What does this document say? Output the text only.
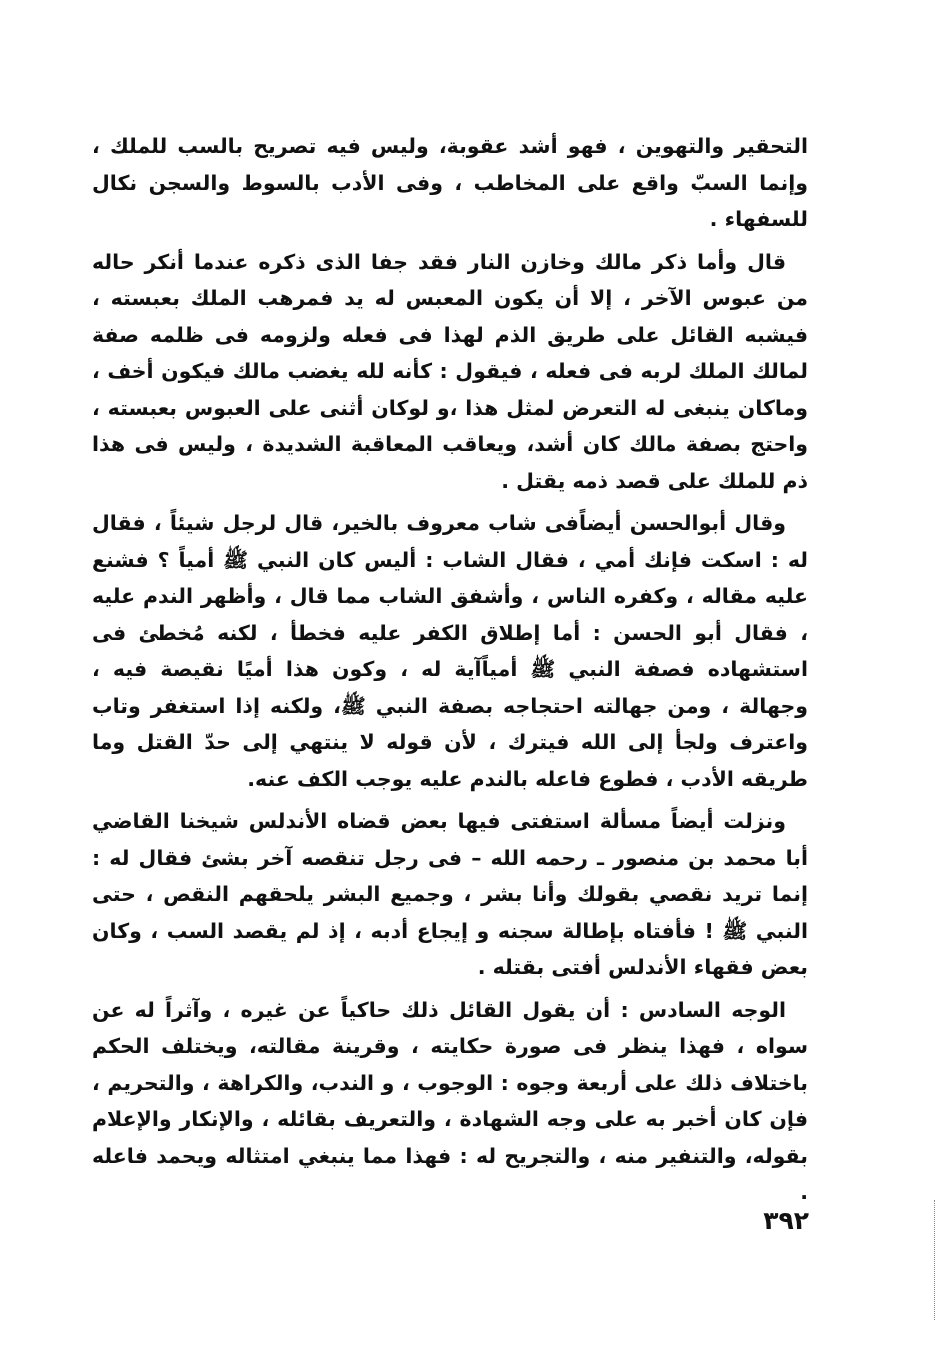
التحقير والتهوين ، فهو أشد عقوبة، وليس فيه تصريح بالسب للملك ، وإنما السبّ واقع على المخاطب ، وفى الأدب بالسوط والسجن نكال للسفهاء .

قال وأما ذكر مالك وخازن النار فقد جفا الذى ذكره عندما أنكر حاله من عبوس الآخر ، إلا أن يكون المعبس له يد فمرهب الملك بعبسته ، فيشبه القائل على طريق الذم لهذا فى فعله ولزومه فى ظلمه صفة لمالك الملك لربه فى فعله ، فيقول : كأنه لله يغضب مالك فيكون أخف ، وماكان ينبغى له التعرض لمثل هذا ،و لوكان أثنى على العبوس بعبسته ، واحتج بصفة مالك كان أشد، ويعاقب المعاقبة الشديدة ، وليس فى هذا ذم للملك على قصد ذمه يقتل .

وقال أبوالحسن أيضاًفى شاب معروف بالخير، قال لرجل شيئاً ، فقال له : اسكت فإنك أمي ، فقال الشاب : أليس كان النبي ﷺ أمياً ؟ فشنع عليه مقاله ، وكفره الناس ، وأشفق الشاب مما قال ، وأظهر الندم عليه ، فقال أبو الحسن : أما إطلاق الكفر عليه فخطأ ، لكنه مُخطئ فى استشهاده فصفة النبي ﷺ أمياًآية له ، وكون هذا أميًا نقيصة فيه ، وجهالة ، ومن جهالته احتجاجه بصفة النبي ﷺ، ولكنه إذا استغفر وتاب واعترف ولجأ إلى الله فيترك ، لأن قوله لا ينتهي إلى حدّ القتل وما طريقه الأدب ، فطوع فاعله بالندم عليه يوجب الكف عنه.

ونزلت أيضاً مسألة استفتى فيها بعض قضاه الأندلس شيخنا القاضي أبا محمد بن منصور ـ رحمه الله – فى رجل تنقصه آخر بشئ فقال له : إنما تريد نقصي بقولك وأنا بشر ، وجميع البشر يلحقهم النقص ، حتى النبي ﷺ ! فأفتاه بإطالة سجنه و إيجاع أدبه ، إذ لم يقصد السب ، وكان بعض فقهاء الأندلس أفتى بقتله .

الوجه السادس : أن يقول القائل ذلك حاكياً عن غيره ، وآثراً له عن سواه ، فهذا ينظر فى صورة حكايته ، وقرينة مقالته، ويختلف الحكم باختلاف ذلك على أربعة وجوه : الوجوب ، و الندب، والكراهة ، والتحريم ، فإن كان أخبر به على وجه الشهادة ، والتعريف بقائله ، والإنكار والإعلام بقوله، والتنفير منه ، والتجريح له : فهذا مما ينبغي امتثاله ويحمد فاعله .

٣٩٢
